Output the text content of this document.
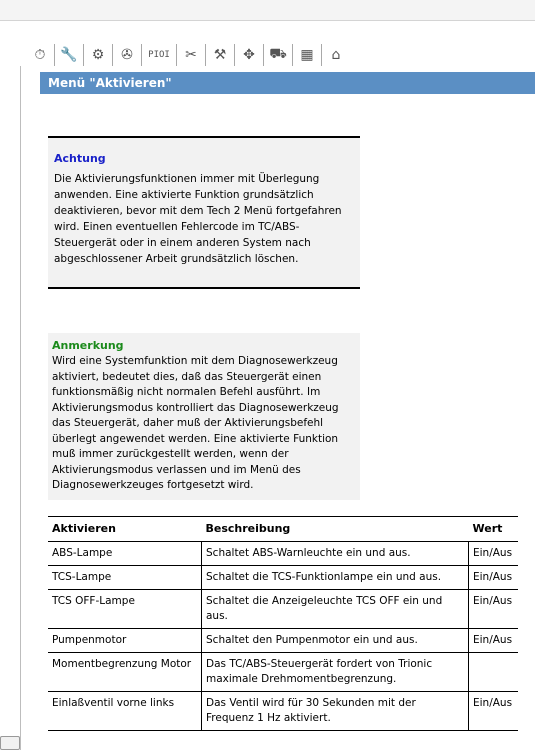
⏱	🔧 ⚙ ✇	PIOI ✂ ⚒ ✥ ⛟ ▦	⌂
Menü "Aktivieren"
Achtung
Die Aktivierungsfunktionen immer mit Überlegung anwenden. Eine aktivierte Funktion grundsätzlich deaktivieren, bevor mit dem Tech 2 Menü fortgefahren wird. Einen eventuellen Fehlercode im TC/ABS-Steuergerät oder in einem anderen System nach abgeschlossener Arbeit grundsätzlich löschen.
Anmerkung
Wird eine Systemfunktion mit dem Diagnosewerkzeug aktiviert, bedeutet dies, daß das Steuergerät einen funktionsmäßig nicht normalen Befehl ausführt. Im Aktivierungsmodus kontrolliert das Diagnosewerkzeug das Steuergerät, daher muß der Aktivierungsbefehl überlegt angewendet werden. Eine aktivierte Funktion muß immer zurückgestellt werden, wenn der Aktivierungsmodus verlassen und im Menü des Diagnosewerkzeuges fortgesetzt wird.
Aktivieren	Beschreibung	Wert
ABS-Lampe	Schaltet ABS-Warnleuchte ein und aus.	Ein/Aus
TCS-Lampe	Schaltet die TCS-Funktionlampe ein und aus.	Ein/Aus
TCS OFF-Lampe	Schaltet die Anzeigeleuchte TCS OFF ein und aus.	Ein/Aus
Pumpenmotor	Schaltet den Pumpenmotor ein und aus.	Ein/Aus
Momentbegrenzung Motor	Das TC/ABS-Steuergerät fordert von Trionic maximale Drehmomentbegrenzung.	
Einlaßventil vorne links	Das Ventil wird für 30 Sekunden mit der Frequenz 1 Hz aktiviert.	Ein/Aus
